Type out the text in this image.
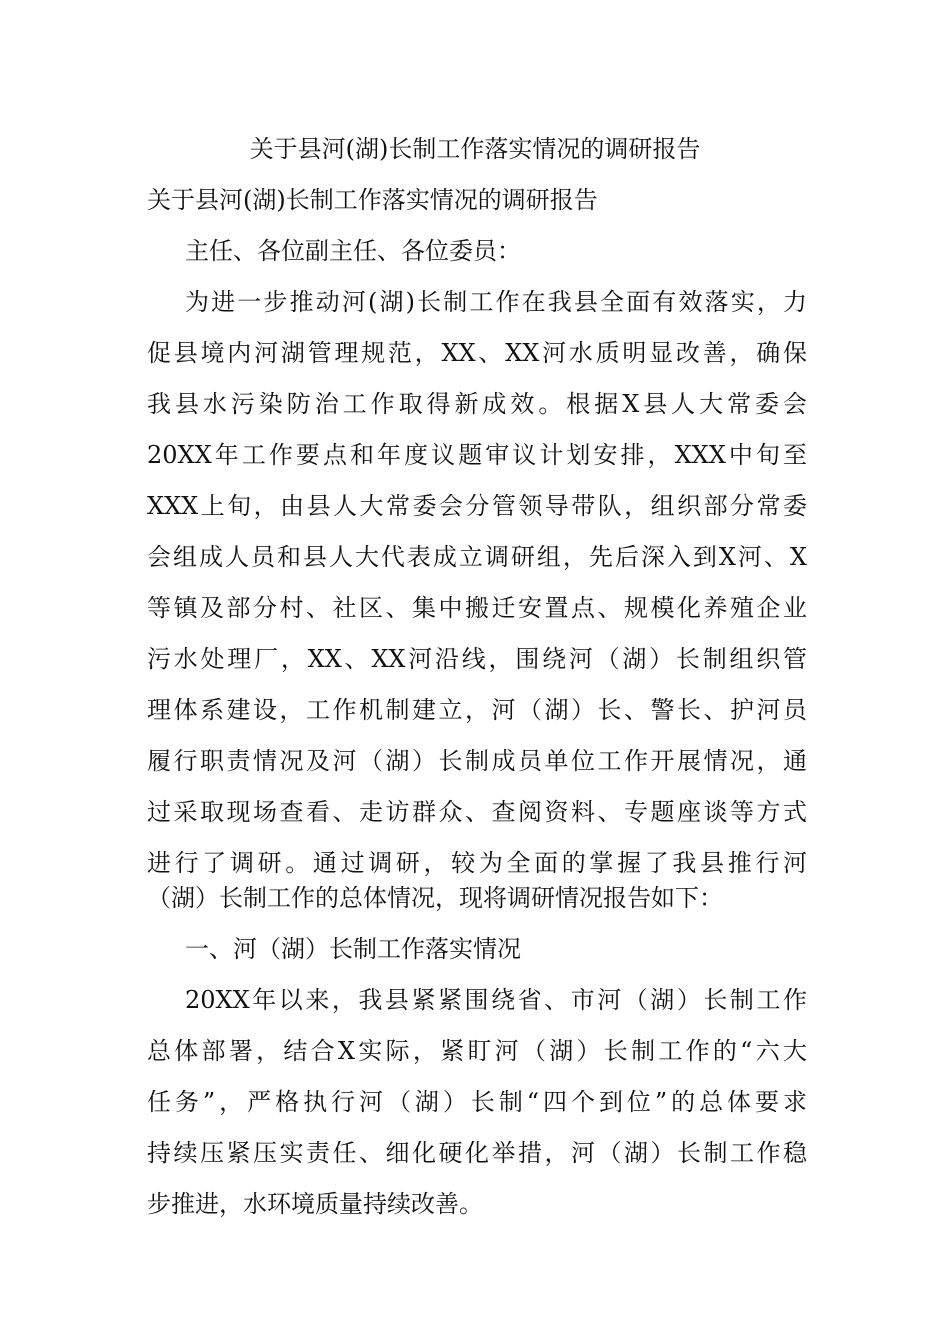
关于县河(湖)长制工作落实情况的调研报告
关于县河(湖)长制工作落实情况的调研报告
主任、各位副主任、各位委员：
为进一步推动河(湖)长制工作在我县全面有效落实，力
促县境内河湖管理规范，XX、XX河水质明显改善，确保
我县水污染防治工作取得新成效。根据X县人大常委会
20XX年工作要点和年度议题审议计划安排，XXX中旬至
XXX上旬，由县人大常委会分管领导带队，组织部分常委
会组成人员和县人大代表成立调研组，先后深入到X河、X
等镇及部分村、社区、集中搬迁安置点、规模化养殖企业
污水处理厂，XX、XX河沿线，围绕河（湖）长制组织管
理体系建设，工作机制建立，河（湖）长、警长、护河员
履行职责情况及河（湖）长制成员单位工作开展情况，通
过采取现场查看、走访群众、查阅资料、专题座谈等方式
进行了调研。通过调研，较为全面的掌握了我县推行河
（湖）长制工作的总体情况，现将调研情况报告如下：
一、河（湖）长制工作落实情况
20XX年以来，我县紧紧围绕省、市河（湖）长制工作
总体部署，结合X实际，紧盯河（湖）长制工作的“六大
任务”，严格执行河（湖）长制“四个到位”的总体要求
持续压紧压实责任、细化硬化举措，河（湖）长制工作稳
步推进，水环境质量持续改善。
